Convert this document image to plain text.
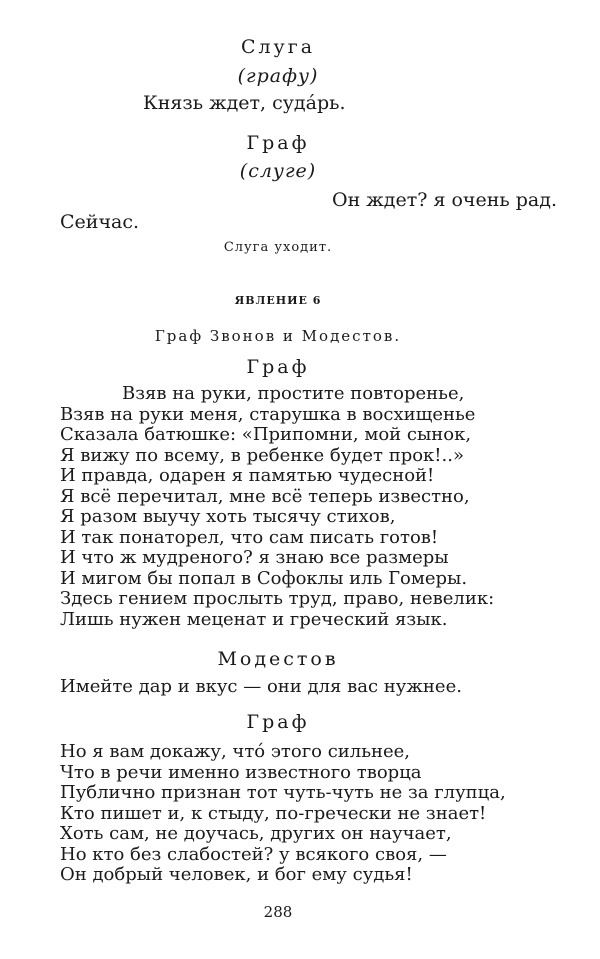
Слуга
(графу)
Князь ждет, суда́рь.
Граф
(слуге)
Он ждет? я очень рад.
Сейчас.
Слуга уходит.
ЯВЛЕНИЕ 6
Граф Звонов и Модестов.
Граф
Взяв на руки, простите повторенье,
Взяв на руки меня, старушка в восхищенье
Сказала батюшке: «Припомни, мой сынок,
Я вижу по всему, в ребенке будет прок!..»
И правда, одарен я памятью чудесной!
Я всё перечитал, мне всё теперь известно,
Я разом выучу хоть тысячу стихов,
И так понаторел, что сам писать готов!
И что ж мудреного? я знаю все размеры
И мигом бы попал в Софоклы иль Гомеры.
Здесь гением прослыть труд, право, невелик:
Лишь нужен меценат и греческий язык.
Модестов
Имейте дар и вкус — они для вас нужнее.
Граф
Но я вам докажу, что́ этого сильнее,
Что в речи именно известного творца
Публично признан тот чуть-чуть не за глупца,
Кто пишет и, к стыду, по-гречески не знает!
Хоть сам, не доучась, других он научает,
Но кто без слабостей? у всякого своя, —
Он добрый человек, и бог ему судья!
288
